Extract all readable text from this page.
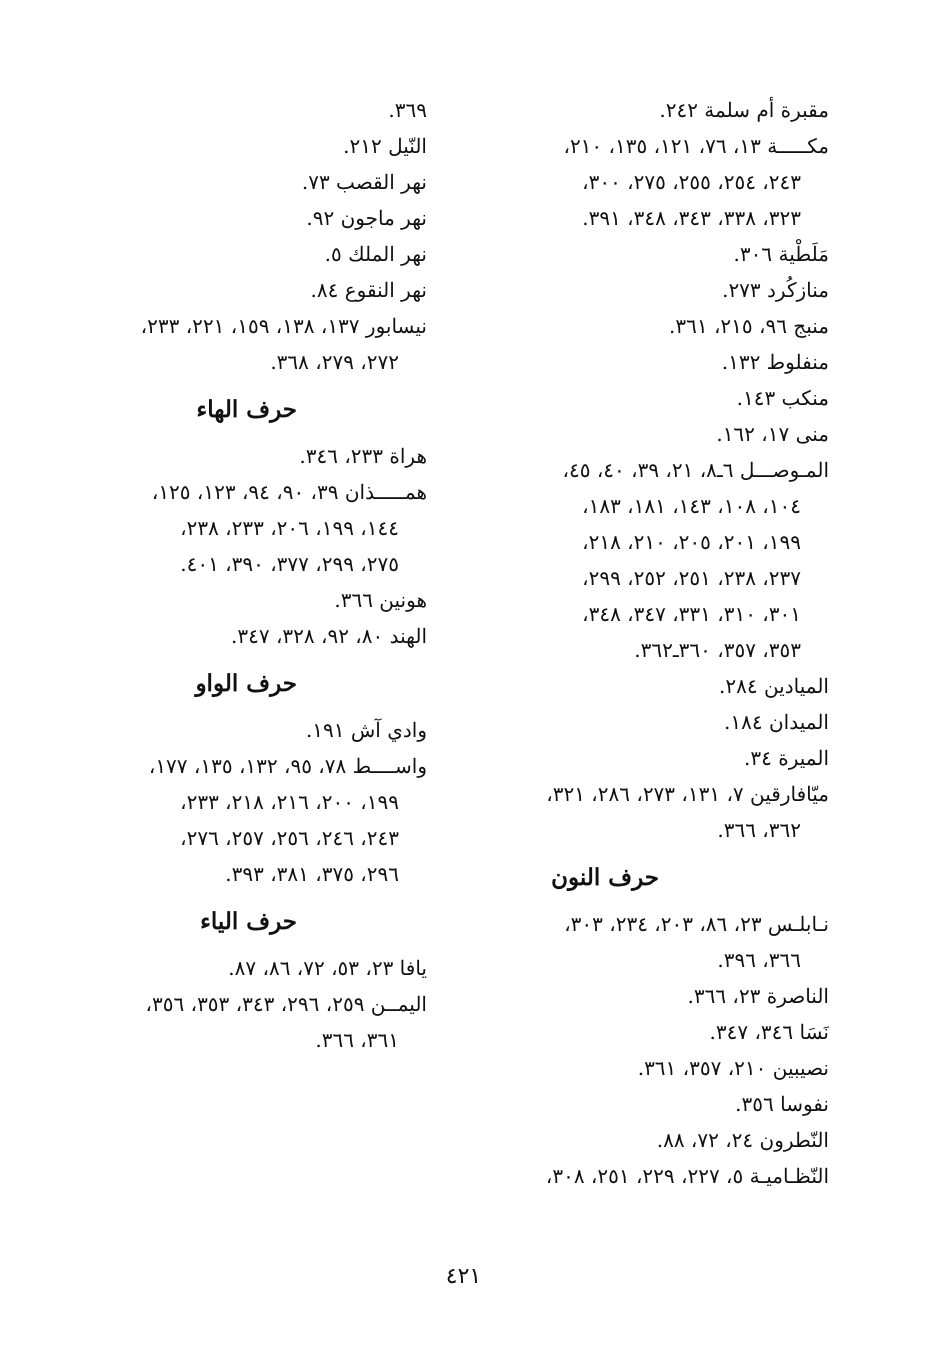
مقبرة أم سلمة ٢٤٢.
مكـــــة ١٣، ٧٦، ١٢١، ١٣٥، ٢١٠،
٢٤٣، ٢٥٤، ٢٥٥، ٢٧٥، ٣٠٠،
٣٢٣، ٣٣٨، ٣٤٣، ٣٤٨، ٣٩١.
مَلَطْية ٣٠٦.
منازكُرد ٢٧٣.
منبج ٩٦، ٢١٥، ٣٦١.
منفلوط ١٣٢.
منكب ١٤٣.
منى ١٧، ١٦٢.
المـوصـــل ٦ـ٨، ٢١، ٣٩، ٤٠، ٤٥،
١٠٤، ١٠٨، ١٤٣، ١٨١، ١٨٣،
١٩٩، ٢٠١، ٢٠٥، ٢١٠، ٢١٨،
٢٣٧، ٢٣٨، ٢٥١، ٢٥٢، ٢٩٩،
٣٠١، ٣١٠، ٣٣١، ٣٤٧، ٣٤٨،
٣٥٣، ٣٥٧، ٣٦٠ـ٣٦٢.
الميادين ٢٨٤.
الميدان ١٨٤.
الميرة ٣٤.
ميّافارقين ٧، ١٣١، ٢٧٣، ٢٨٦، ٣٢١،
٣٦٢، ٣٦٦.
حرف النون
نـابلـس ٢٣، ٨٦، ٢٠٣، ٢٣٤، ٣٠٣،
٣٦٦، ٣٩٦.
الناصرة ٢٣، ٣٦٦.
نَسَا ٣٤٦، ٣٤٧.
نصيبين ٢١٠، ٣٥٧، ٣٦١.
نفوسا ٣٥٦.
النّطرون ٢٤، ٧٢، ٨٨.
النّظـاميـة ٥، ٢٢٧، ٢٢٩، ٢٥١، ٣٠٨،
٣٦٩.
النّيل ٢١٢.
نهر القصب ٧٣.
نهر ماجون ٩٢.
نهر الملك ٥.
نهر النقوع ٨٤.
نيسابور ١٣٧، ١٣٨، ١٥٩، ٢٢١، ٢٣٣،
٢٧٢، ٢٧٩، ٣٦٨.
حرف الهاء
هراة ٢٣٣، ٣٤٦.
همـــــذان ٣٩، ٩٠، ٩٤، ١٢٣، ١٢٥،
١٤٤، ١٩٩، ٢٠٦، ٢٣٣، ٢٣٨،
٢٧٥، ٢٩٩، ٣٧٧، ٣٩٠، ٤٠١.
هونين ٣٦٦.
الهند ٨٠، ٩٢، ٣٢٨، ٣٤٧.
حرف الواو
وادي آش ١٩١.
واســــط ٧٨، ٩٥، ١٣٢، ١٣٥، ١٧٧،
١٩٩، ٢٠٠، ٢١٦، ٢١٨، ٢٣٣،
٢٤٣، ٢٤٦، ٢٥٦، ٢٥٧، ٢٧٦،
٢٩٦، ٣٧٥، ٣٨١، ٣٩٣.
حرف الياء
يافا ٢٣، ٥٣، ٧٢، ٨٦، ٨٧.
اليمــن ٢٥٩، ٢٩٦، ٣٤٣، ٣٥٣، ٣٥٦،
٣٦١، ٣٦٦.
٤٢١
